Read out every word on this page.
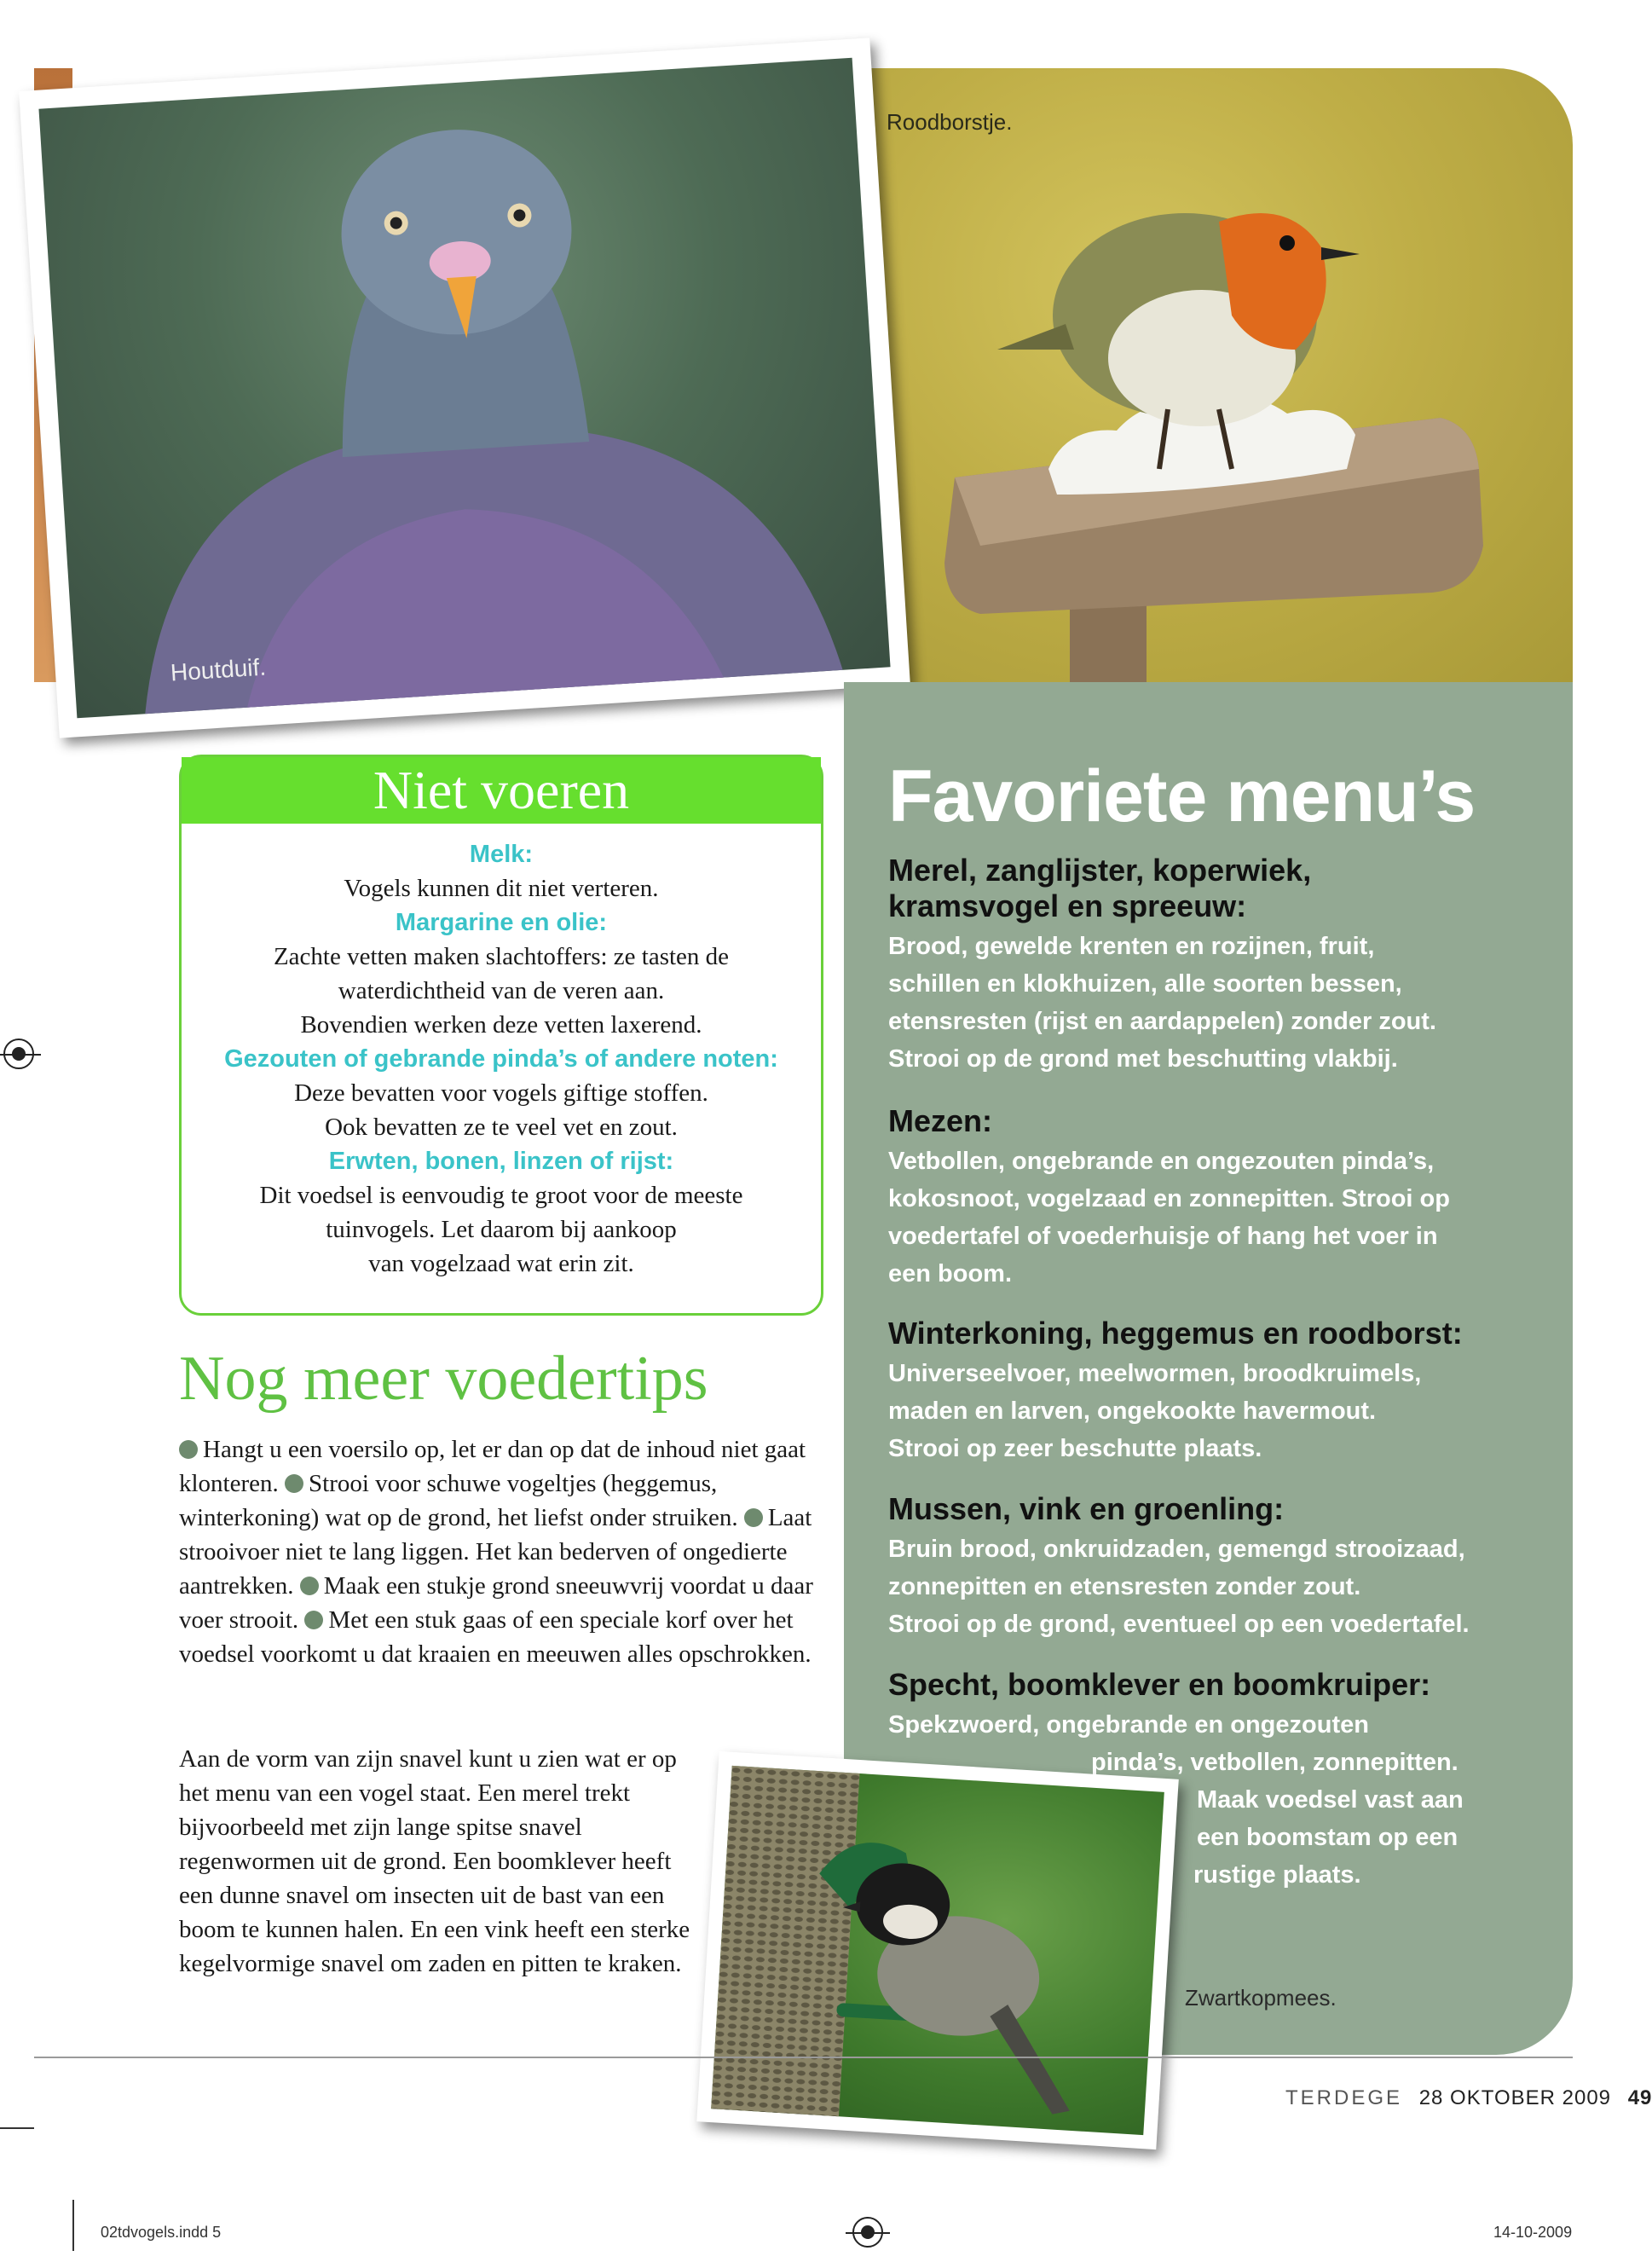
Roodborstje.
Houtduif.
Favoriete menu’s
Merel, zanglijster, koperwiek,
kramsvogel en spreeuw:
Brood, gewelde krenten en rozijnen, fruit,
schillen en klokhuizen, alle soorten bessen,
etensresten (rijst en aardappelen) zonder zout.
Strooi op de grond met beschutting vlakbij.
Mezen:
Vetbollen, ongebrande en ongezouten pinda’s,
kokosnoot, vogelzaad en zonnepitten. Strooi op
voedertafel of voederhuisje of hang het voer in
een boom.
Winterkoning, heggemus en roodborst:
Universeelvoer, meelwormen, broodkruimels,
maden en larven, ongekookte havermout.
Strooi op zeer beschutte plaats.
Mussen, vink en groenling:
Bruin brood, onkruidzaden, gemengd strooizaad,
zonnepitten en etensresten zonder zout.
Strooi op de grond, eventueel op een voedertafel.
Specht, boomklever en boomkruiper:
Spekzwoerd, ongebrande en ongezouten
pinda’s, vetbollen, zonnepitten.
Maak voedsel vast aan
een boomstam op een
rustige plaats.
Niet voeren
Melk:
Vogels kunnen dit niet verteren.
Margarine en olie:
Zachte vetten maken slachtoffers: ze tasten de
waterdichtheid van de veren aan.
Bovendien werken deze vetten laxerend.
Gezouten of gebrande pinda’s of andere noten:
Deze bevatten voor vogels giftige stoffen.
Ook bevatten ze te veel vet en zout.
Erwten, bonen, linzen of rijst:
Dit voedsel is eenvoudig te groot voor de meeste
tuinvogels. Let daarom bij aankoop
van vogelzaad wat erin zit.
Nog meer voedertips
Hangt u een voersilo op, let er dan op dat de inhoud niet gaat klonteren. Strooi voor schuwe vogeltjes (heggemus, winterkoning) wat op de grond, het liefst onder struiken. Laat strooivoer niet te lang liggen. Het kan bederven of ongedierte aantrekken. Maak een stukje grond sneeuwvrij voordat u daar voer strooit. Met een stuk gaas of een speciale korf over het voedsel voorkomt u dat kraaien en meeuwen alles opschrokken.
Aan de vorm van zijn snavel kunt u zien wat er op het menu van een vogel staat. Een merel trekt bijvoorbeeld met zijn lange spitse snavel regenwormen uit de grond. Een boomklever heeft een dunne snavel om insecten uit de bast van een boom te kunnen halen. En een vink heeft een sterke kegelvormige snavel om zaden en pitten te kraken.
Zwartkopmees.
TERDEGE 28 OKTOBER 2009 49
02tdvogels.indd 5	14-10-2009
